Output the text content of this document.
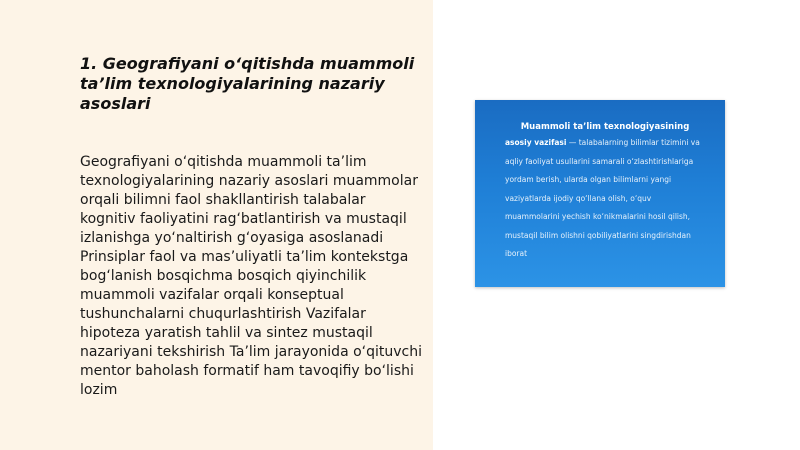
1. Geografiyani o‘qitishda muammoli ta’lim texnologiyalarining nazariy asoslari

Geografiyani o‘qitishda muammoli ta’lim texnologiyalarining nazariy asoslari muammolar orqali bilimni faol shakllantirish talabalar kognitiv faoliyatini rag‘batlantirish va mustaqil izlanishga yo‘naltirish g‘oyasiga asoslanadi Prinsiplar faol va mas’uliyatli ta’lim kontekstga bog‘lanish bosqichma bosqich qiyinchilik muammoli vazifalar orqali konseptual tushunchalarni chuqurlashtirish Vazifalar hipoteza yaratish tahlil va sintez mustaqil nazariyani tekshirish Ta’lim jarayonida o‘qituvchi mentor baholash formatif ham tavoqifiy bo‘lishi lozim

Muammoli ta’lim texnologiyasining

asosiy vazifasi — talabalarning bilimlar tizimini va aqliy faoliyat usullarini samarali o‘zlashtirishlariga yordam berish, ularda olgan bilimlarni yangi vaziyatlarda ijodiy qo‘llana olish, o‘quv muammolarini yechish ko‘nikmalarini hosil qilish, mustaqil bilim olishni qobiliyatlarini singdirishdan iborat
